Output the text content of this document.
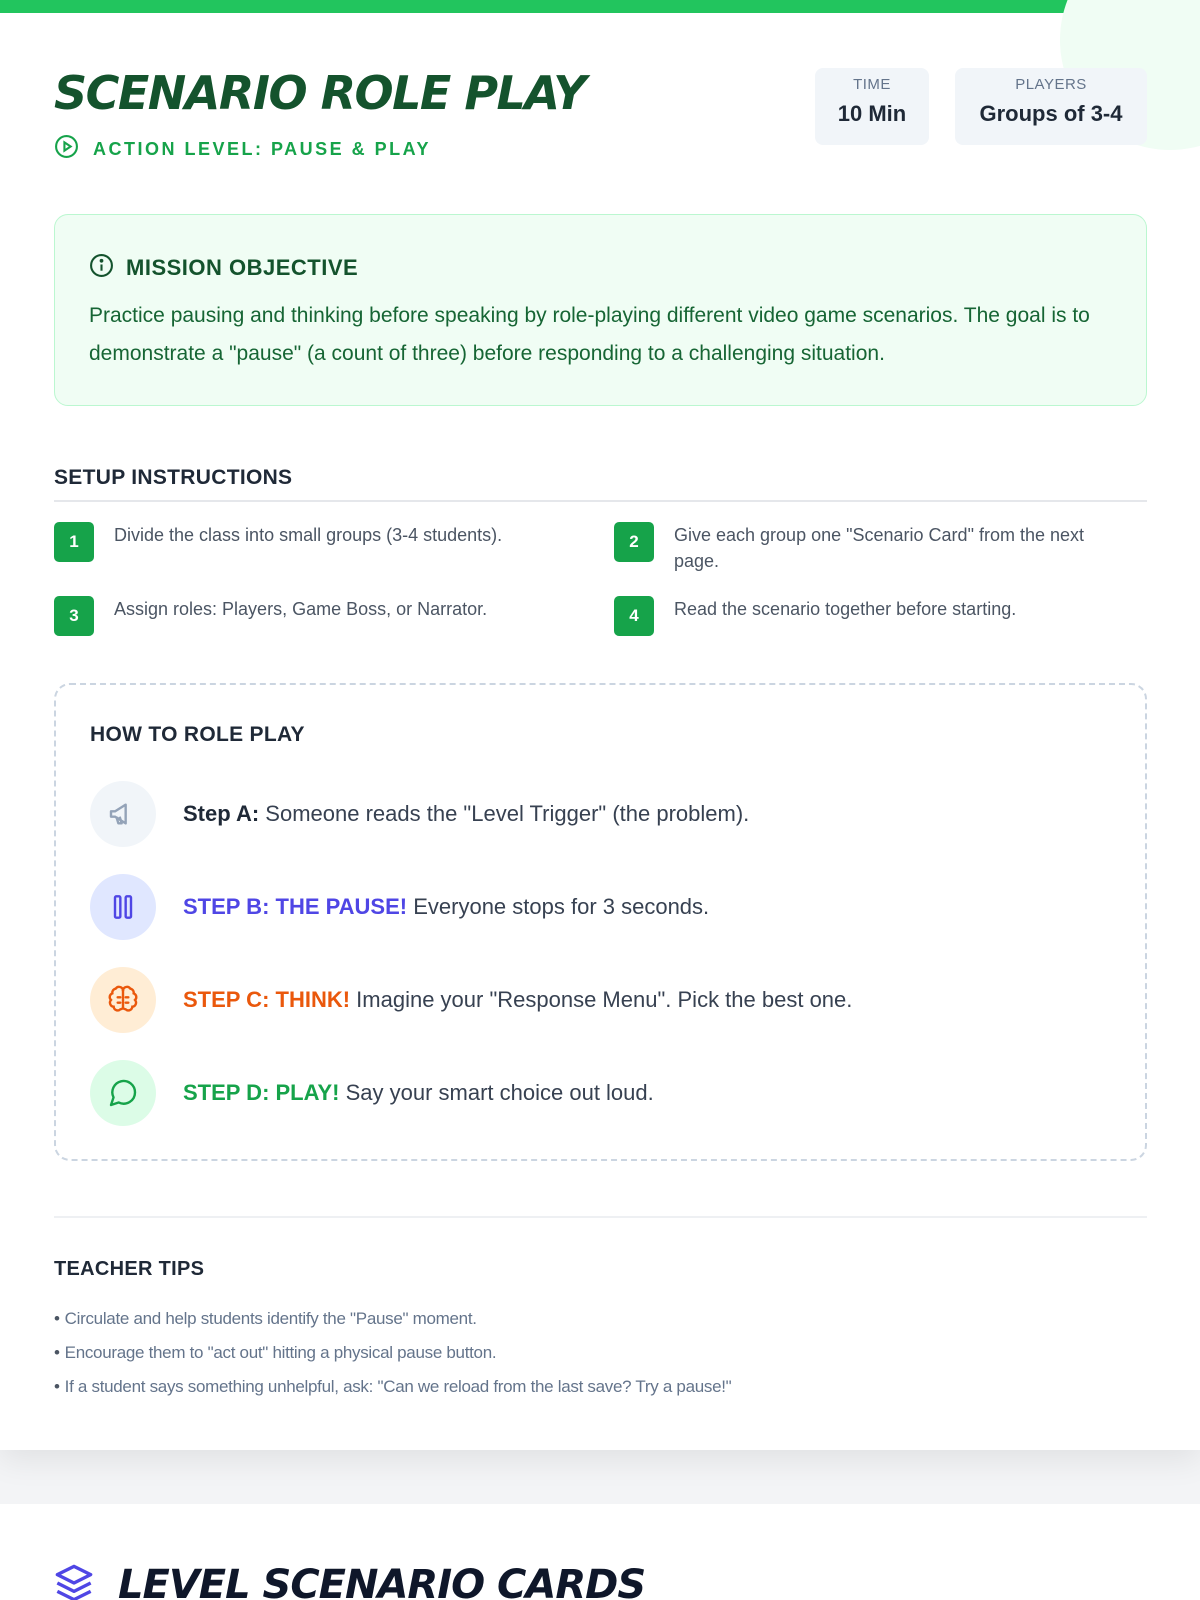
SCENARIO ROLE PLAY
ACTION LEVEL: PAUSE & PLAY
TIME
10 Min
PLAYERS
Groups of 3-4
MISSION OBJECTIVE

Practice pausing and thinking before speaking by role-playing different video game scenarios. The goal is to demonstrate a "pause" (a count of three) before responding to a challenging situation.

SETUP INSTRUCTIONS
1	Divide the class into small groups (3-4 students).	2	Give each group one "Scenario Card" from the next page.
3	Assign roles: Players, Game Boss, or Narrator.	4	Read the scenario together before starting.
HOW TO ROLE PLAY
Step A: Someone reads the "Level Trigger" (the problem).
STEP B: THE PAUSE! Everyone stops for 3 seconds.
STEP C: THINK! Imagine your "Response Menu". Pick the best one.
STEP D: PLAY! Say your smart choice out loud.
TEACHER TIPS
• Circulate and help students identify the "Pause" moment.
• Encourage them to "act out" hitting a physical pause button.
• If a student says something unhelpful, ask: "Can we reload from the last save? Try a pause!"
LEVEL SCENARIO CARDS
